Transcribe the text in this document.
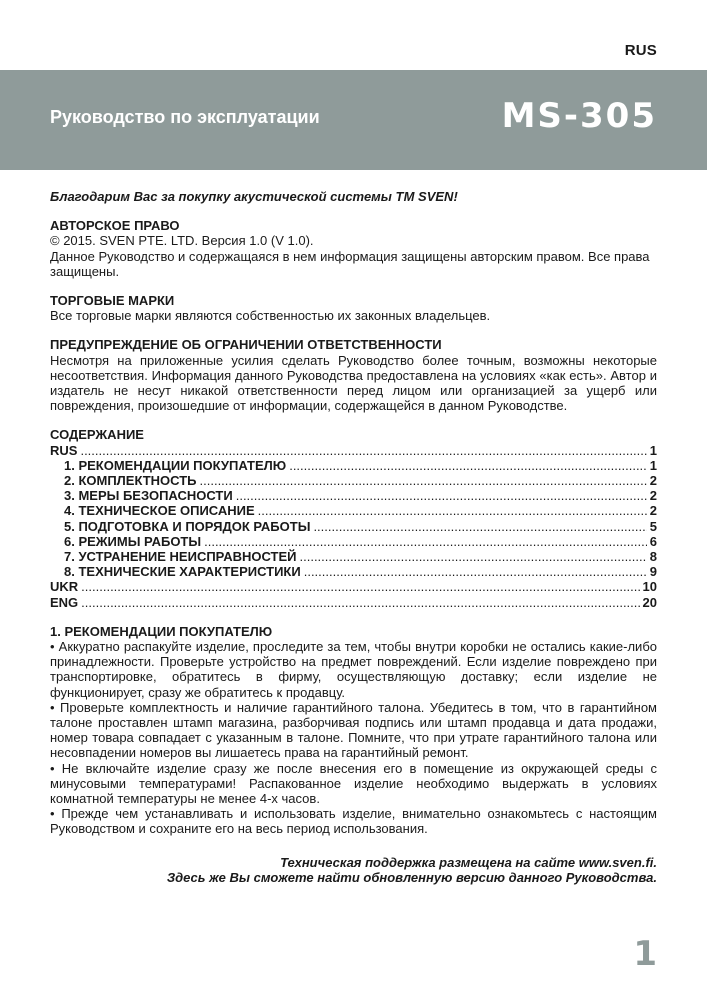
RUS
Руководство по эксплуатации	MS-305

Благодарим Вас за покупку акустической системы ТМ SVEN!

АВТОРСКОЕ ПРАВО

© 2015. SVEN PTE. LTD. Версия 1.0 (V 1.0).

Данное Руководство и содержащаяся в нем информация защищены авторским правом. Все права защищены.

ТОРГОВЫЕ МАРКИ

Все торговые марки являются собственностью их законных владельцев.

ПРЕДУПРЕЖДЕНИЕ ОБ ОГРАНИЧЕНИИ ОТВЕТСТВЕННОСТИ

Несмотря на приложенные усилия сделать Руководство более точным, возможны некоторые несоответствия. Информация данного Руководства предоставлена на условиях «как есть». Автор и издатель не несут никакой ответственности перед лицом или организацией за ущерб или повреждения, произошедшие от информации, содержащейся в данном Руководстве.

СОДЕРЖАНИЕ

RUS .....	1
1. РЕКОМЕНДАЦИИ ПОКУПАТЕЛЮ .....	1
2. КОМПЛЕКТНОСТЬ .....	2
3. МЕРЫ БЕЗОПАСНОСТИ .....	2
4. ТЕХНИЧЕСКОЕ ОПИСАНИЕ .....	2
5. ПОДГОТОВКА И ПОРЯДОК РАБОТЫ .....	5
6. РЕЖИМЫ РАБОТЫ .....	6
7. УСТРАНЕНИЕ НЕИСПРАВНОСТЕЙ .....	8
8. ТЕХНИЧЕСКИЕ ХАРАКТЕРИСТИКИ .....	9
UKR .....	10
ENG .....	20

1. РЕКОМЕНДАЦИИ ПОКУПАТЕЛЮ

• Аккуратно распакуйте изделие, проследите за тем, чтобы внутри коробки не остались какие-либо принадлежности. Проверьте устройство на предмет повреждений. Если изделие повреждено при транспортировке, обратитесь в фирму, осуществляющую доставку; если изделие не функционирует, сразу же обратитесь к продавцу.

• Проверьте комплектность и наличие гарантийного талона. Убедитесь в том, что в гарантийном талоне проставлен штамп магазина, разборчивая подпись или штамп продавца и дата продажи, номер товара совпадает с указанным в талоне. Помните, что при утрате гарантийного талона или несовпадении номеров вы лишаетесь права на гарантийный ремонт.

• Не включайте изделие сразу же после внесения его в помещение из окружающей среды с минусовыми температурами! Распакованное изделие необходимо выдержать в условиях комнатной температуры не менее 4-х часов.

• Прежде чем устанавливать и использовать изделие, внимательно ознакомьтесь с настоящим Руководством и сохраните его на весь период использования.

Техническая поддержка размещена на сайте www.sven.fi.

Здесь же Вы сможете найти обновленную версию данного Руководства.

1
